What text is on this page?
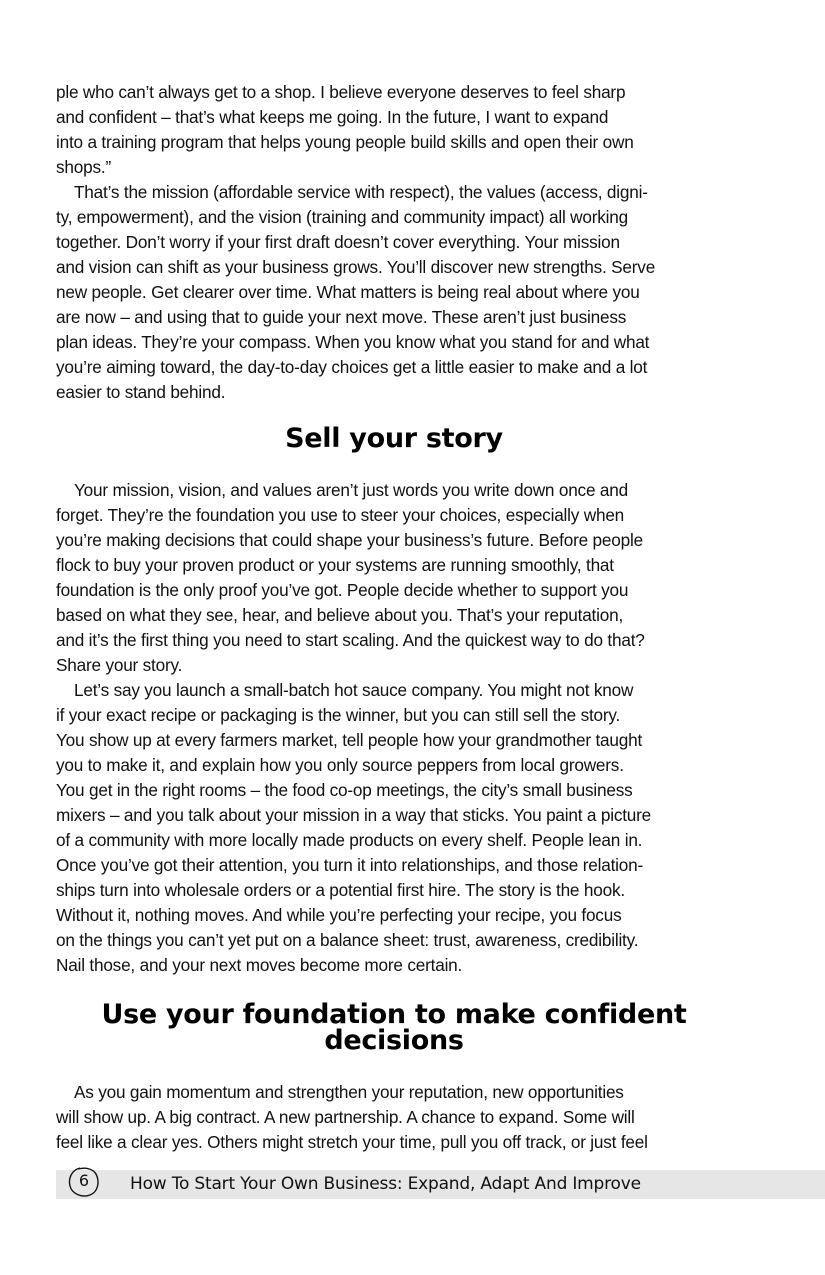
ple who can’t always get to a shop. I believe everyone deserves to feel sharp
and confident – that’s what keeps me going. In the future, I want to expand
into a training program that helps young people build skills and open their own
shops.”

That’s the mission (affordable service with respect), the values (access, digni-
ty, empowerment), and the vision (training and community impact) all working
together. Don’t worry if your first draft doesn’t cover everything. Your mission
and vision can shift as your business grows. You’ll discover new strengths. Serve
new people. Get clearer over time. What matters is being real about where you
are now – and using that to guide your next move. These aren’t just business
plan ideas. They’re your compass. When you know what you stand for and what
you’re aiming toward, the day-to-day choices get a little easier to make and a lot
easier to stand behind.

Sell your story

Your mission, vision, and values aren’t just words you write down once and
forget. They’re the foundation you use to steer your choices, especially when
you’re making decisions that could shape your business’s future. Before people
flock to buy your proven product or your systems are running smoothly, that
foundation is the only proof you’ve got. People decide whether to support you
based on what they see, hear, and believe about you. That’s your reputation,
and it’s the first thing you need to start scaling. And the quickest way to do that?
Share your story.

Let’s say you launch a small-batch hot sauce company. You might not know
if your exact recipe or packaging is the winner, but you can still sell the story.
You show up at every farmers market, tell people how your grandmother taught
you to make it, and explain how you only source peppers from local growers.
You get in the right rooms – the food co-op meetings, the city’s small business
mixers – and you talk about your mission in a way that sticks. You paint a picture
of a community with more locally made products on every shelf. People lean in.
Once you’ve got their attention, you turn it into relationships, and those relation-
ships turn into wholesale orders or a potential first hire. The story is the hook.
Without it, nothing moves. And while you’re perfecting your recipe, you focus
on the things you can’t yet put on a balance sheet: trust, awareness, credibility.
Nail those, and your next moves become more certain.

Use your foundation to make confident
decisions

As you gain momentum and strengthen your reputation, new opportunities
will show up. A big contract. A new partnership. A chance to expand. Some will
feel like a clear yes. Others might stretch your time, pull you off track, or just feel

6	How To Start Your Own Business: Expand, Adapt And Improve
